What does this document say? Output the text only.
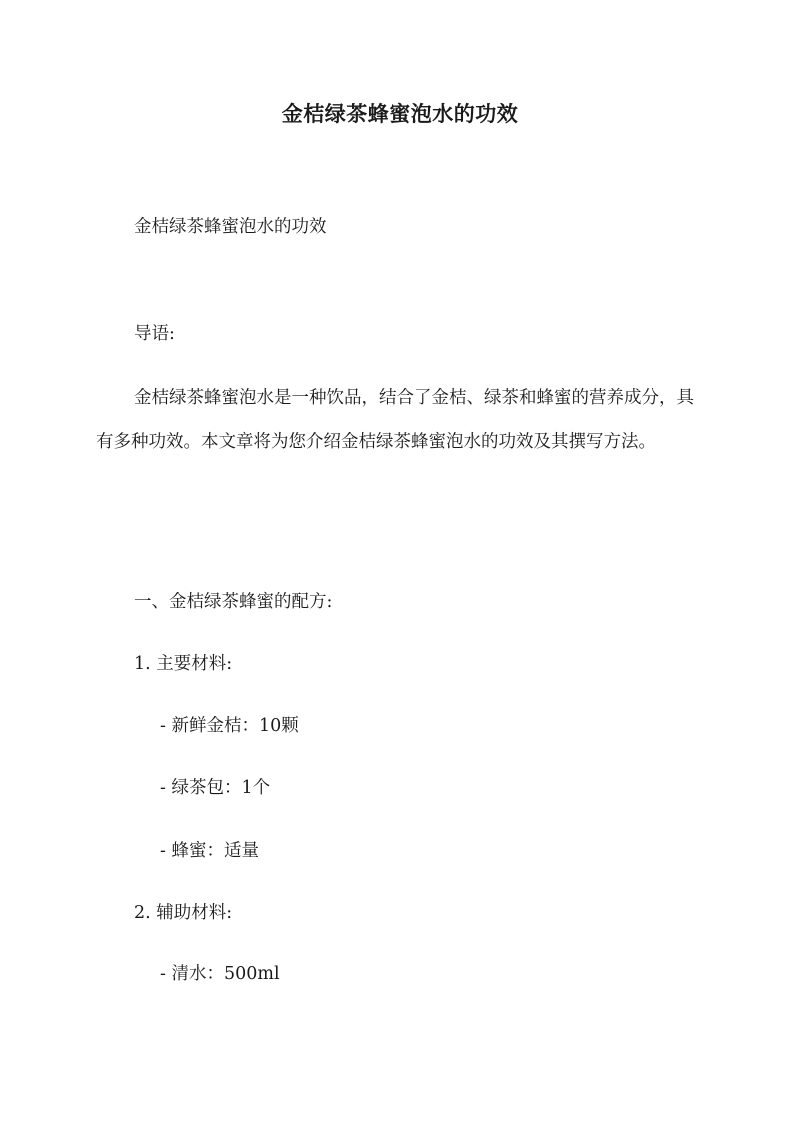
金桔绿茶蜂蜜泡水的功效
金桔绿茶蜂蜜泡水的功效
导语:
金桔绿茶蜂蜜泡水是一种饮品，结合了金桔、绿茶和蜂蜜的营养成分，具有多种功效。本文章将为您介绍金桔绿茶蜂蜜泡水的功效及其撰写方法。
一、金桔绿茶蜂蜜的配方:
1. 主要材料:
- 新鲜金桔：10颗
- 绿茶包：1个
- 蜂蜜：适量
2. 辅助材料:
- 清水：500ml
